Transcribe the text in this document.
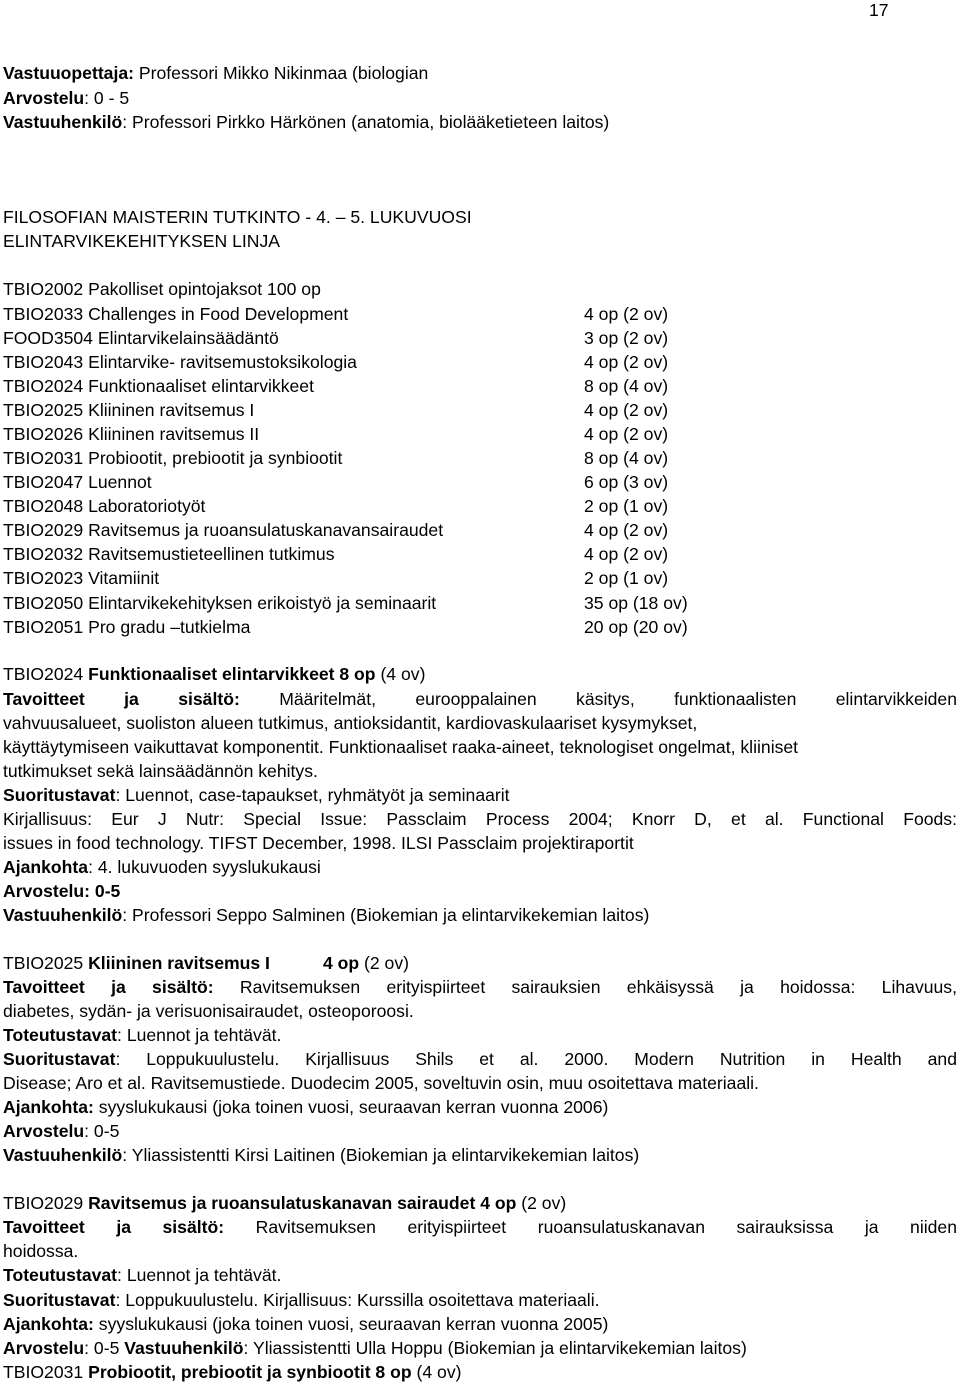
17
Vastuuopettaja: Professori Mikko Nikinmaa (biologian
Arvostelu: 0 - 5
Vastuuhenkilö: Professori Pirkko Härkönen (anatomia, biolääketieteen laitos)
FILOSOFIAN MAISTERIN TUTKINTO - 4. – 5. LUKUVUOSI
ELINTARVIKEKEHITYKSEN LINJA
TBIO2002 Pakolliset opintojaksot 100 op
TBIO2033 Challenges in Food Development	4 op (2 ov)
FOOD3504 Elintarvikelainsäädäntö	3 op (2 ov)
TBIO2043 Elintarvike- ravitsemustoksikologia	4 op (2 ov)
TBIO2024 Funktionaaliset elintarvikkeet	8 op (4 ov)
TBIO2025 Kliininen ravitsemus I	4 op (2 ov)
TBIO2026 Kliininen ravitsemus II	4 op (2 ov)
TBIO2031 Probiootit, prebiootit ja synbiootit	8 op (4 ov)
TBIO2047 Luennot	6 op (3 ov)
TBIO2048 Laboratoriotyöt	2 op (1 ov)
TBIO2029 Ravitsemus ja ruoansulatuskanavansairaudet	4 op (2 ov)
TBIO2032 Ravitsemustieteellinen tutkimus	4 op (2 ov)
TBIO2023 Vitamiinit	2 op (1 ov)
TBIO2050 Elintarvikekehityksen erikoistyö ja seminaarit	35 op (18 ov)
TBIO2051 Pro gradu –tutkielma	20 op (20 ov)
TBIO2024 Funktionaaliset elintarvikkeet 8 op (4 ov)
Tavoitteet ja sisältö: Määritelmät, eurooppalainen käsitys, funktionaalisten elintarvikkeiden
vahvuusalueet, suoliston alueen tutkimus, antioksidantit, kardiovaskulaariset kysymykset,
käyttäytymiseen vaikuttavat komponentit. Funktionaaliset raaka-aineet, teknologiset ongelmat, kliiniset
tutkimukset sekä lainsäädännön kehitys.
Suoritustavat: Luennot, case-tapaukset, ryhmätyöt ja seminaarit
Kirjallisuus: Eur J Nutr: Special Issue: Passclaim Process 2004; Knorr D, et al. Functional Foods:
issues in food technology. TIFST December, 1998. ILSI Passclaim projektiraportit
Ajankohta: 4. lukuvuoden syyslukukausi
Arvostelu: 0-5
Vastuuhenkilö: Professori Seppo Salminen (Biokemian ja elintarvikekemian laitos)
TBIO2025 Kliininen ravitsemus I	4 op (2 ov)
Tavoitteet ja sisältö: Ravitsemuksen erityispiirteet sairauksien ehkäisyssä ja hoidossa: Lihavuus,
diabetes, sydän- ja verisuonisairaudet, osteoporoosi.
Toteutustavat: Luennot ja tehtävät.
Suoritustavat: Loppukuulustelu. Kirjallisuus Shils et al. 2000. Modern Nutrition in Health and
Disease; Aro et al. Ravitsemustiede. Duodecim 2005, soveltuvin osin, muu osoitettava materiaali.
Ajankohta: syyslukukausi (joka toinen vuosi, seuraavan kerran vuonna 2006)
Arvostelu: 0-5
Vastuuhenkilö: Yliassistentti Kirsi Laitinen (Biokemian ja elintarvikekemian laitos)
TBIO2029 Ravitsemus ja ruoansulatuskanavan sairaudet 4 op (2 ov)
Tavoitteet ja sisältö: Ravitsemuksen erityispiirteet ruoansulatuskanavan sairauksissa ja niiden
hoidossa.
Toteutustavat: Luennot ja tehtävät.
Suoritustavat: Loppukuulustelu. Kirjallisuus: Kurssilla osoitettava materiaali.
Ajankohta: syyslukukausi (joka toinen vuosi, seuraavan kerran vuonna 2005)
Arvostelu: 0-5 Vastuuhenkilö: Yliassistentti Ulla Hoppu (Biokemian ja elintarvikekemian laitos)
TBIO2031 Probiootit, prebiootit ja synbiootit 8 op (4 ov)
